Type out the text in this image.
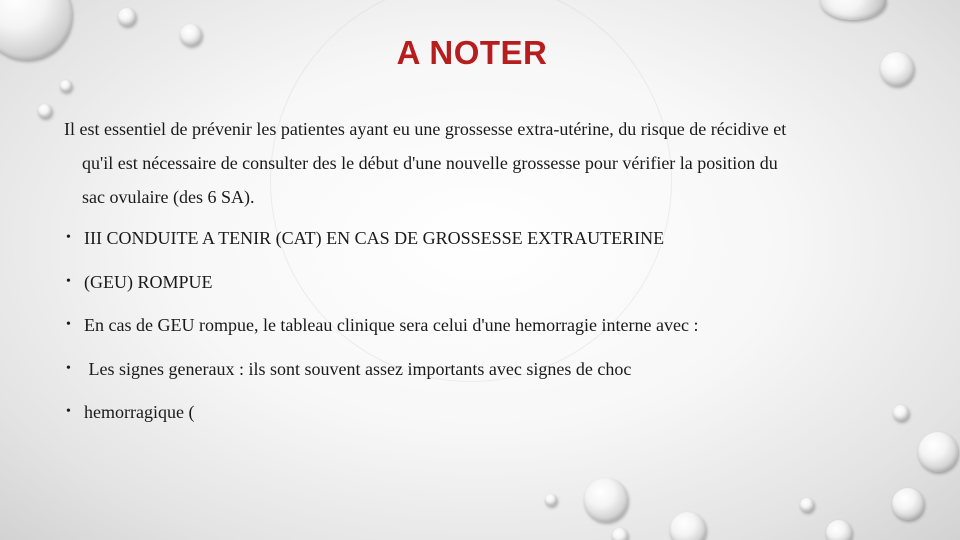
A NOTER

Il est essentiel de prévenir les patientes ayant eu une grossesse extra-utérine, du risque de récidive et
qu'il est nécessaire de consulter des le début d'une nouvelle grossesse pour vérifier la position du
sac ovulaire (des 6 SA).

• III CONDUITE A TENIR (CAT) EN CAS DE GROSSESSE EXTRAUTERINE
• (GEU) ROMPUE
• En cas de GEU rompue, le tableau clinique sera celui d'une hemorragie interne avec :
• Les signes generaux : ils sont souvent assez importants avec signes de choc
• hemorragique (
